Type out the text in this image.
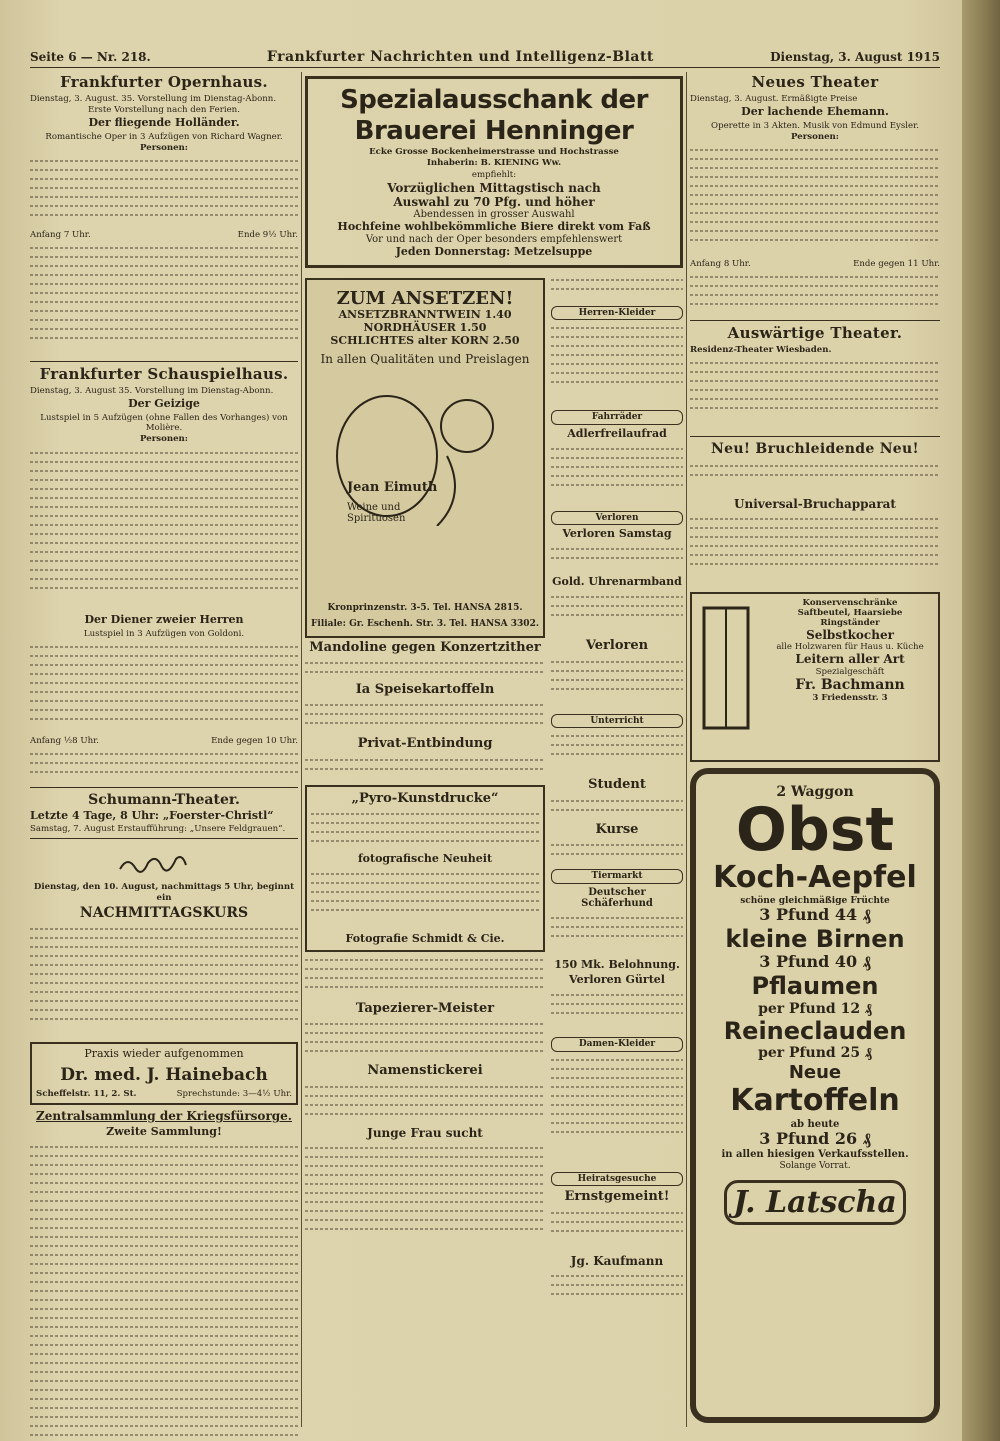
Seite 6 — Nr. 218.	Frankfurter Nachrichten und Intelligenz-Blatt	Dienstag, 3. August 1915
Frankfurter Opernhaus.
Dienstag, 3. August. 35. Vorstellung im Dienstag-Abonn.
Erste Vorstellung nach den Ferien.
Der fliegende Holländer.
Romantische Oper in 3 Aufzügen von Richard Wagner.
Personen:
Anfang 7 Uhr.	Ende 9½ Uhr.
Frankfurter Schauspielhaus.
Dienstag, 3. August 35. Vorstellung im Dienstag-Abonn.
Der Geizige
Lustspiel in 5 Aufzügen (ohne Fallen des Vorhanges) von Molière.
Personen:
Der Diener zweier Herren
Lustspiel in 3 Aufzügen von Goldoni.
Anfang ½8 Uhr.	Ende gegen 10 Uhr.
Schumann-Theater.
Letzte 4 Tage, 8 Uhr: „Foerster-Christl“
Samstag, 7. August Erstaufführung: „Unsere Feldgrauen“.
Dienstag, den 10. August, nachmittags 5 Uhr, beginnt ein
NACHMITTAGSKURS
Praxis wieder aufgenommen
Dr. med. J. Hainebach
Scheffelstr. 11, 2. St.	Sprechstunde: 3—4½ Uhr.
Zentralsammlung der Kriegsfürsorge.
Zweite Sammlung!
Spezialausschank der Brauerei Henninger
Ecke Grosse Bockenheimerstrasse und Hochstrasse
Inhaberin: B. KIENING Ww.
empfiehlt:
Vorzüglichen Mittagstisch nach
Auswahl zu 70 Pfg. und höher
Abendessen in grosser Auswahl
Hochfeine wohlbekömmliche Biere direkt vom Faß
Vor und nach der Oper besonders empfehlenswert
Jeden Donnerstag: Metzelsuppe
ZUM ANSETZEN!
ANSETZBRANNTWEIN 1.40
NORDHÄUSER 1.50
SCHLICHTES alter KORN 2.50
In allen Qualitäten und Preislagen
Jean Eimuth
Weine und Spirituosen
Kronprinzenstr. 3-5. Tel. HANSA 2815.
Filiale: Gr. Eschenh. Str. 3. Tel. HANSA 3302.
Mandoline gegen Konzertzither
Ia Speisekartoffeln
Privat-Entbindung
„Pyro-Kunstdrucke“
fotografische Neuheit
Fotografie Schmidt & Cie.
Tapezierer-Meister
Namenstickerei
Junge Frau sucht
Herren-Kleider
Fahrräder
Adlerfreilaufrad
Verloren
Verloren Samstag
Gold. Uhrenarmband
Verloren
Unterricht
Student
Kurse
Tiermarkt
Deutscher Schäferhund
150 Mk. Belohnung.
Verloren Gürtel
Damen-Kleider
Heiratsgesuche
Ernstgemeint!
Jg. Kaufmann
Neues Theater
Dienstag, 3. August. Ermäßigte Preise
Der lachende Ehemann.
Operette in 3 Akten. Musik von Edmund Eysler.
Personen:
Anfang 8 Uhr.	Ende gegen 11 Uhr.
Auswärtige Theater.
Residenz-Theater Wiesbaden.
Neu! Bruchleidende Neu!
Universal-Bruchapparat
Konservenschränke
Saftbeutel, Haarsiebe
Ringständer
Selbstkocher
alle Holzwaren für Haus u. Küche
Leitern aller Art
Spezialgeschäft
Fr. Bachmann
3 Friedensstr. 3
2 Waggon
Obst
Koch-Aepfel
schöne gleichmäßige Früchte
3 Pfund 44 ₰
kleine Birnen
3 Pfund 40 ₰
Pflaumen
per Pfund 12 ₰
Reineclauden
per Pfund 25 ₰
Neue Kartoffeln
ab heute
3 Pfund 26 ₰
in allen hiesigen Verkaufsstellen.
Solange Vorrat.
J. Latscha
